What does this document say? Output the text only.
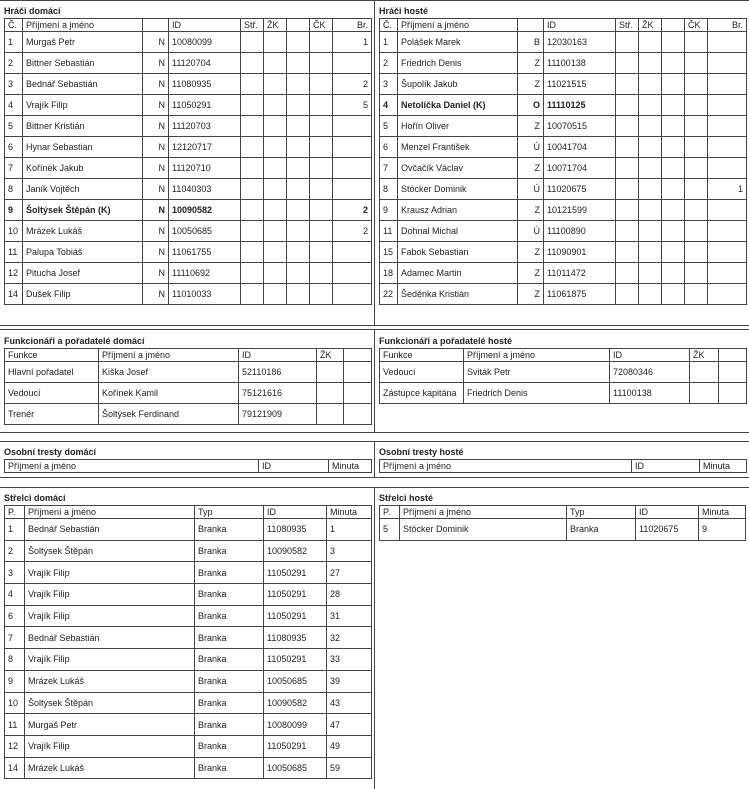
Hráči domácí
Č.	Příjmení a jméno		ID	Stř.	ŽK		ČK	Br.
1	Murgaš Petr	N	10080099					1
2	Bittner Sebastián	N	11120704					
3	Bednář Sebastián	N	11080935					2
4	Vrajík Filip	N	11050291					5
5	Bittner Kristián	N	11120703					
6	Hynar Sebastian	N	12120717					
7	Kořínek Jakub	N	11120710					
8	Janík Vojtěch	N	11040303					
9	Šoltýsek Štěpán (K)	N	10090582					2
10	Mrázek Lukáš	N	10050685					2
11	Palupa Tobiáš	N	11061755					
12	Pitucha Josef	N	11110692					
14	Dušek Filip	N	11010033					
Hráči hosté
Č.	Příjmení a jméno		ID	Stř.	ŽK		ČK	Br.
1	Polášek Marek	B	12030163					
2	Friedrich Denis	Z	11100138					
3	Šupolík Jakub	Z	11021515					
4	Netolička Daniel (K)	O	11110125					
5	Hořín Oliver	Z	10070515					
6	Menzel František	Ú	10041704					
7	Ovčačík Václav	Z	10071704					
8	Stöcker Dominik	Ú	11020675					1
9	Krausz Adrian	Z	10121599					
11	Dohnal Michal	Ú	11100890					
15	Fabok Sebastian	Z	11090901					
18	Adamec Martin	Z	11011472					
22	Šeděnka Kristián	Z	11061875					
Funkcionáři a pořadatelé domácí
Funkce	Příjmení a jméno	ID	ŽK	
Hlavní pořadatel	Kiška Josef	52110186		
Vedoucí	Kořínek Kamil	75121616		
Trenér	Šoltýsek Ferdinand	79121909		
Funkcionáři a pořadatelé hosté
Funkce	Příjmení a jméno	ID	ŽK	
Vedoucí	Sviták Petr	72080346		
Zástupce kapitána	Friedrich Denis	11100138		
Osobní tresty domácí
Příjmení a jméno	ID	Minuta
Osobní tresty hosté
Příjmení a jméno	ID	Minuta
Střelci domácí
P.	Příjmení a jméno	Typ	ID	Minuta
1	Bednář Sebastián	Branka	11080935	1
2	Šoltýsek Štěpán	Branka	10090582	3
3	Vrajík Filip	Branka	11050291	27
4	Vrajík Filip	Branka	11050291	28
6	Vrajík Filip	Branka	11050291	31
7	Bednář Sebastián	Branka	11080935	32
8	Vrajík Filip	Branka	11050291	33
9	Mrázek Lukáš	Branka	10050685	39
10	Šoltýsek Štěpán	Branka	10090582	43
11	Murgaš Petr	Branka	10080099	47
12	Vrajík Filip	Branka	11050291	49
14	Mrázek Lukáš	Branka	10050685	59
Střelci hosté
P.	Příjmení a jméno	Typ	ID	Minuta
5	Stöcker Dominik	Branka	11020675	9
